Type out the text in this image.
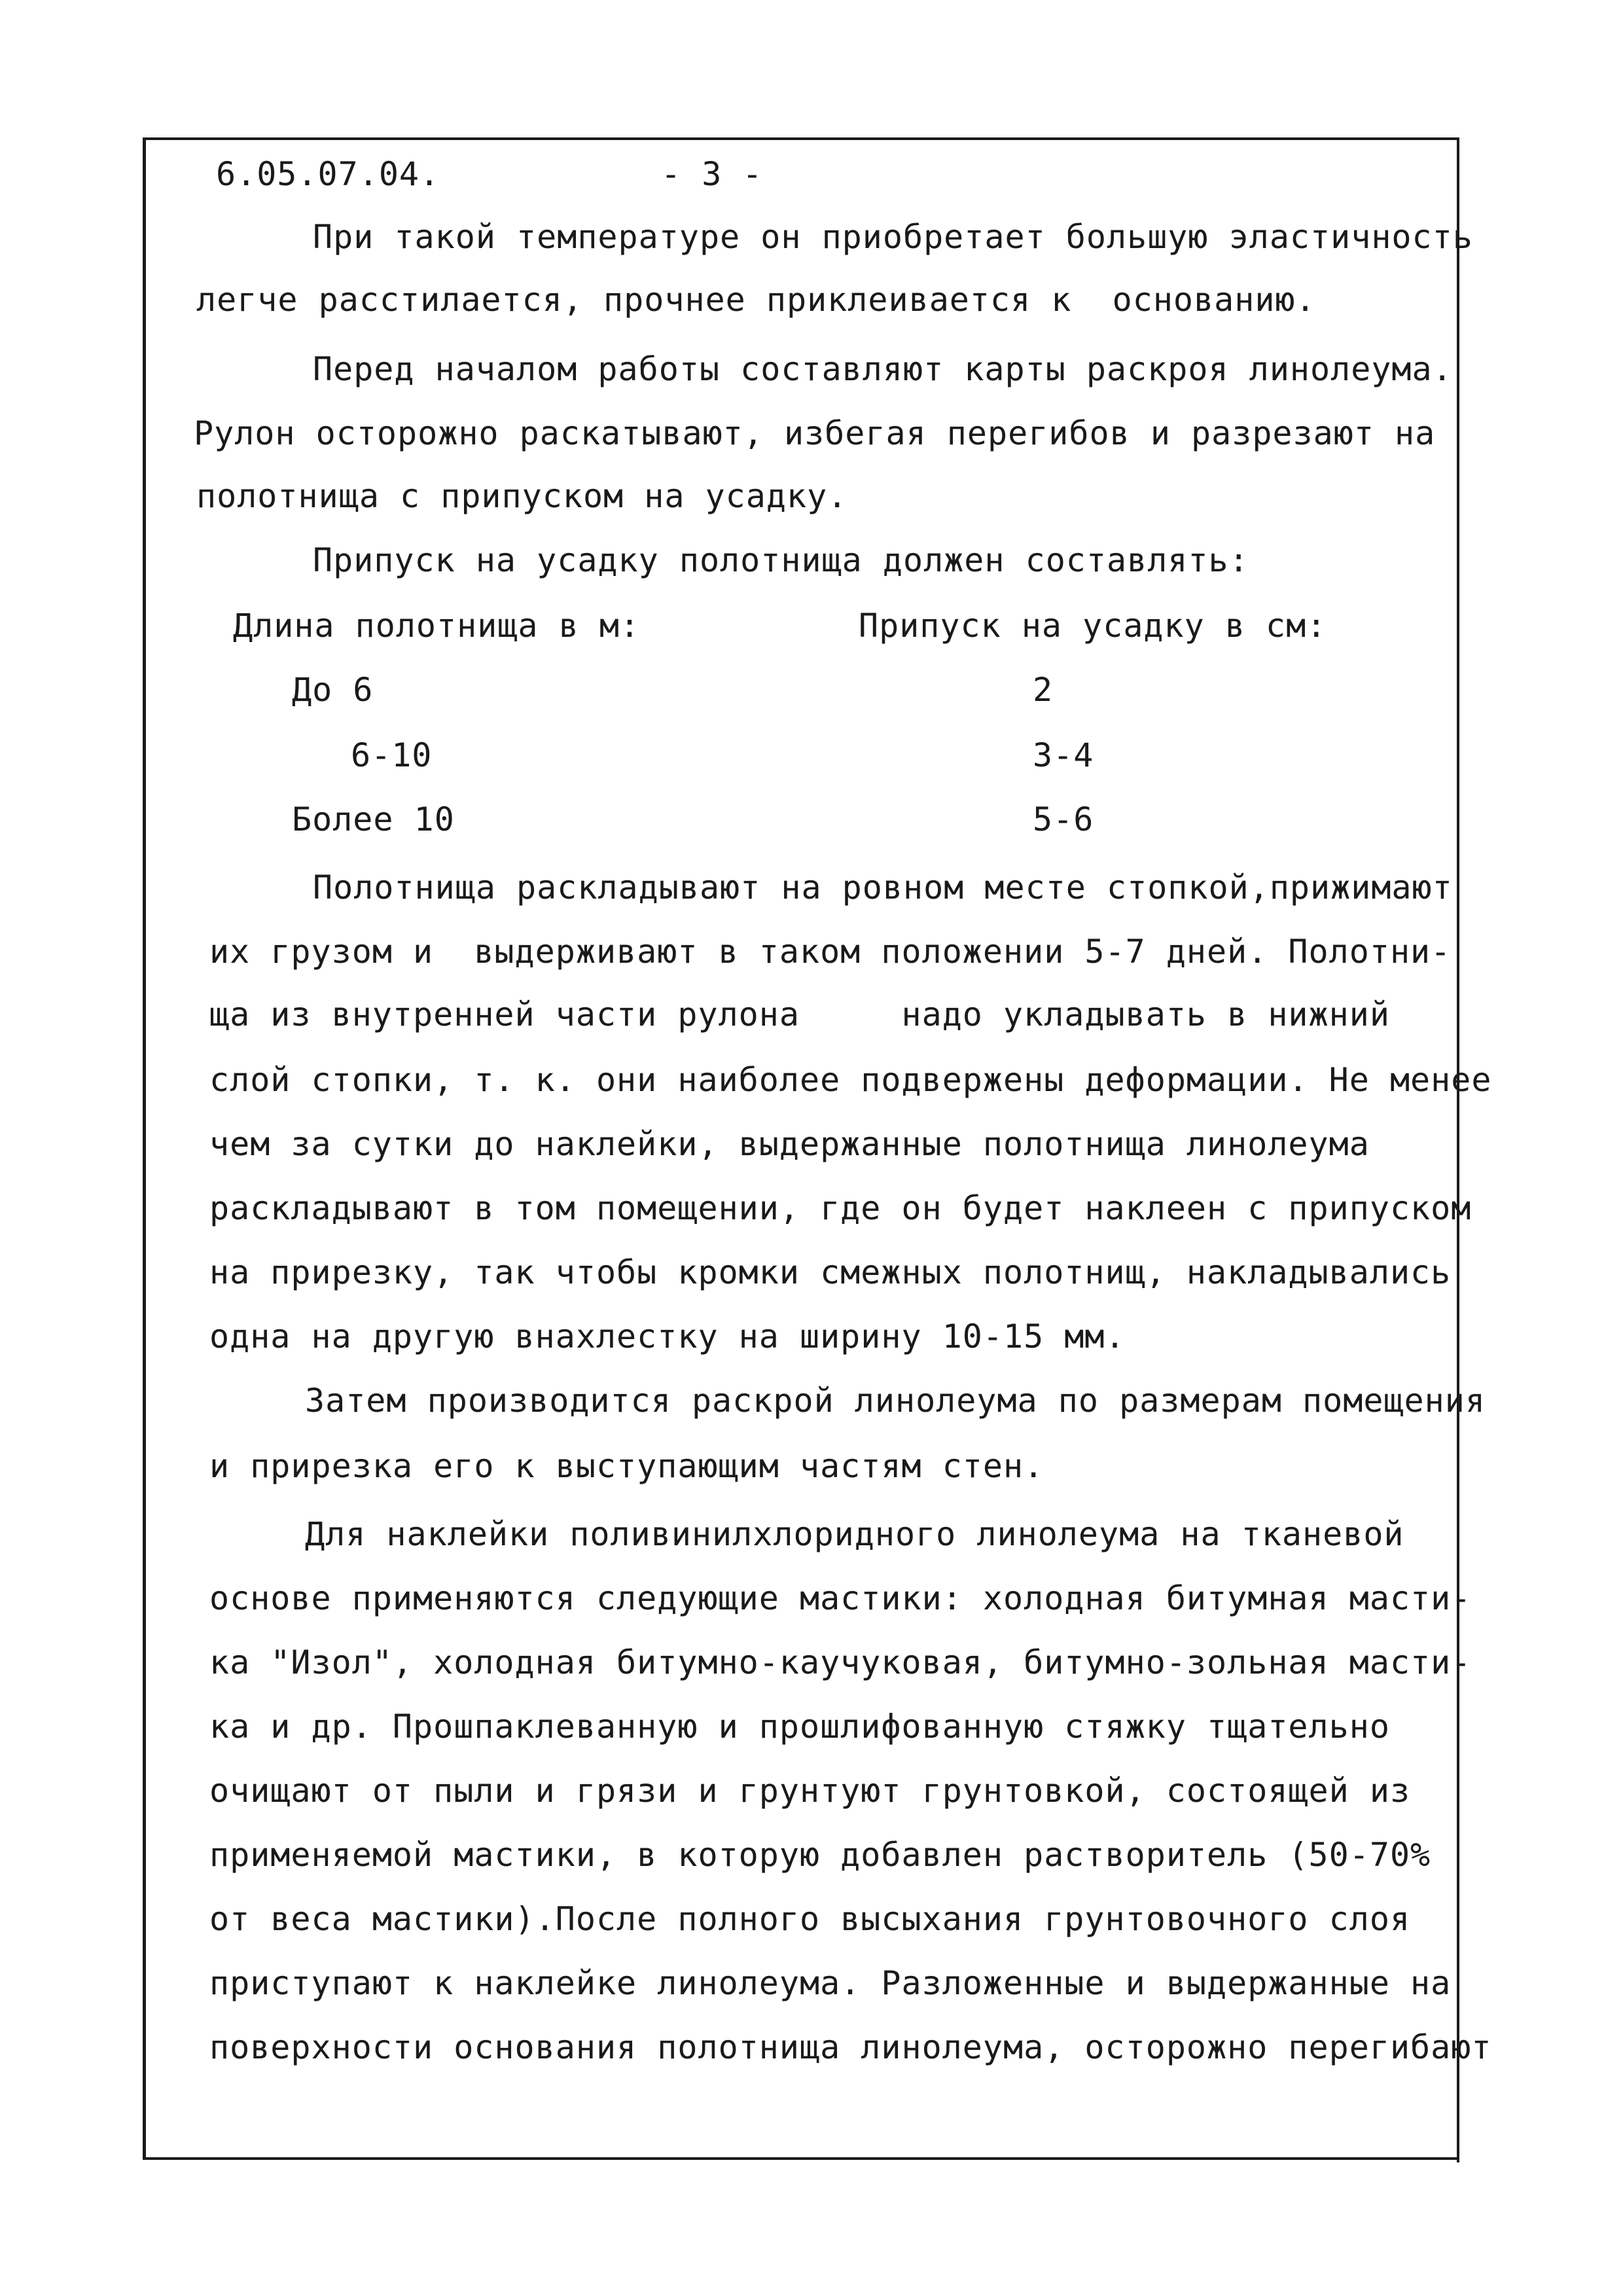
6.05.07.04.	- 3 -
При такой температуре он приобретает большую эластичность
легче расстилается, прочнее приклеивается к  основанию.
Перед началом работы составляют карты раскроя линолеума.
Рулон осторожно раскатывают, избегая перегибов и разрезают на
полотнища с припуском на усадку.
Припуск на усадку полотнища должен составлять:
Длина полотнища в м:	Припуск на усадку в см:
До 6	2
6-10	3-4
Более 10	5-6
Полотнища раскладывают на ровном месте стопкой,прижимают
их грузом и  выдерживают в таком положении 5-7 дней. Полотни-
ща из внутренней части рулона     надо укладывать в нижний
слой стопки, т. к. они наиболее подвержены деформации. Не менее
чем за сутки до наклейки, выдержанные полотнища линолеума
раскладывают в том помещении, где он будет наклеен с припуском
на прирезку, так чтобы кромки смежных полотнищ, накладывались
одна на другую внахлестку на ширину 10-15 мм.
Затем производится раскрой линолеума по размерам помещения
и прирезка его к выступающим частям стен.
Для наклейки поливинилхлоридного линолеума на тканевой
основе применяются следующие мастики: холодная битумная масти-
ка "Изол", холодная битумно-каучуковая, битумно-зольная масти-
ка и др. Прошпаклеванную и прошлифованную стяжку тщательно
очищают от пыли и грязи и грунтуют грунтовкой, состоящей из
применяемой мастики, в которую добавлен растворитель (50-70%
от веса мастики).После полного высыхания грунтовочного слоя
приступают к наклейке линолеума. Разложенные и выдержанные на
поверхности основания полотнища линолеума, осторожно перегибают
